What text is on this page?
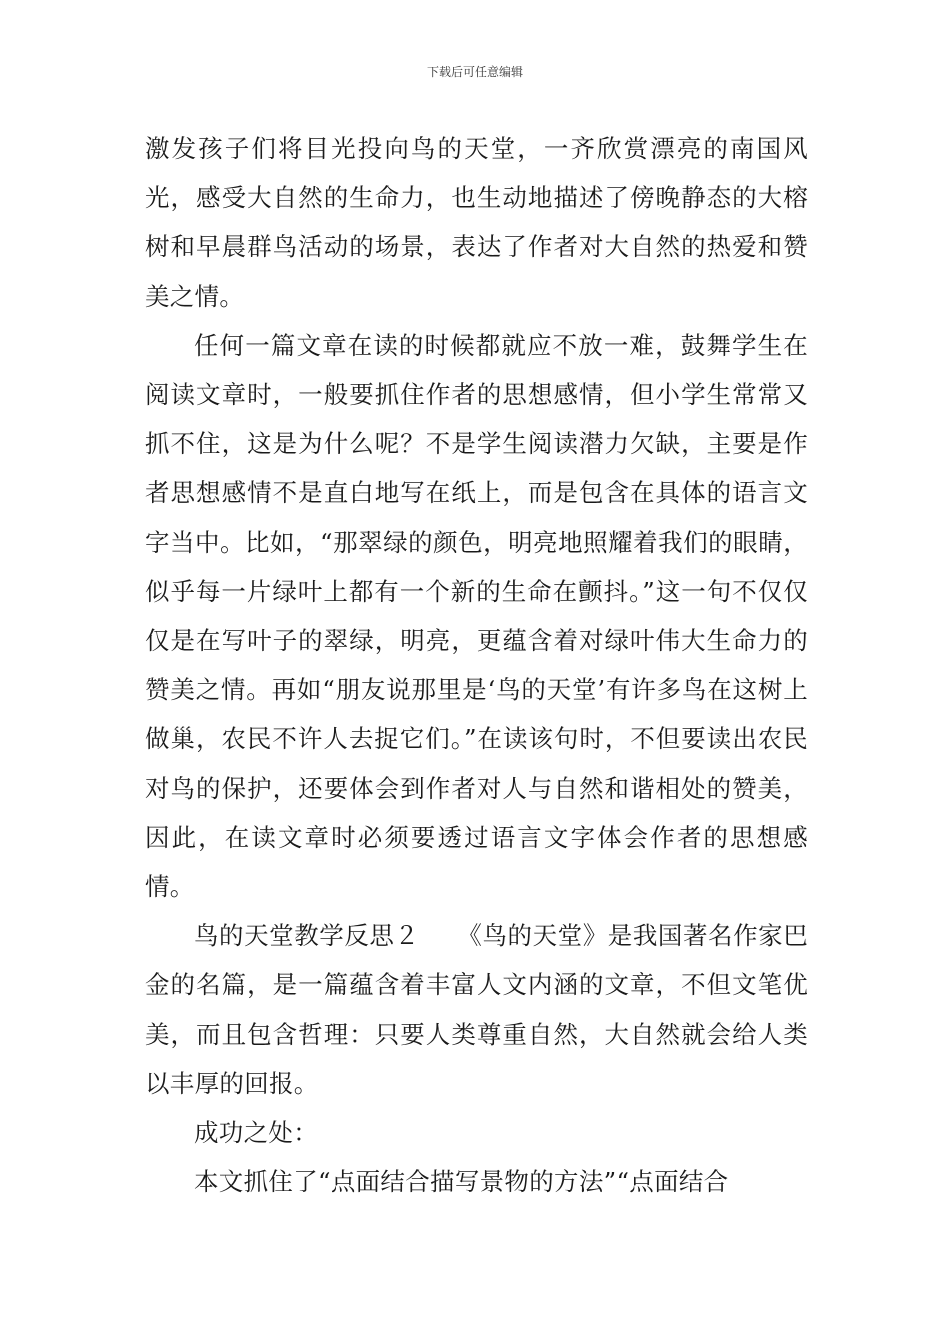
下载后可任意编辑

激发孩子们将目光投向鸟的天堂，一齐欣赏漂亮的南国风光，感受大自然的生命力，也生动地描述了傍晚静态的大榕树和早晨群鸟活动的场景，表达了作者对大自然的热爱和赞美之情。

任何一篇文章在读的时候都就应不放一难，鼓舞学生在阅读文章时，一般要抓住作者的思想感情，但小学生常常又抓不住，这是为什么呢？不是学生阅读潜力欠缺，主要是作者思想感情不是直白地写在纸上，而是包含在具体的语言文字当中。比如，“那翠绿的颜色，明亮地照耀着我们的眼睛，似乎每一片绿叶上都有一个新的生命在颤抖。”这一句不仅仅仅是在写叶子的翠绿，明亮，更蕴含着对绿叶伟大生命力的赞美之情。再如“朋友说那里是‘鸟的天堂’有许多鸟在这树上做巢，农民不许人去捉它们。”在读该句时，不但要读出农民对鸟的保护，还要体会到作者对人与自然和谐相处的赞美，因此，在读文章时必须要透过语言文字体会作者的思想感情。

鸟的天堂教学反思２　　《鸟的天堂》是我国著名作家巴金的名篇，是一篇蕴含着丰富人文内涵的文章，不但文笔优美，而且包含哲理：只要人类尊重自然，大自然就会给人类以丰厚的回报。

成功之处：

本文抓住了“点面结合描写景物的方法”“点面结合
